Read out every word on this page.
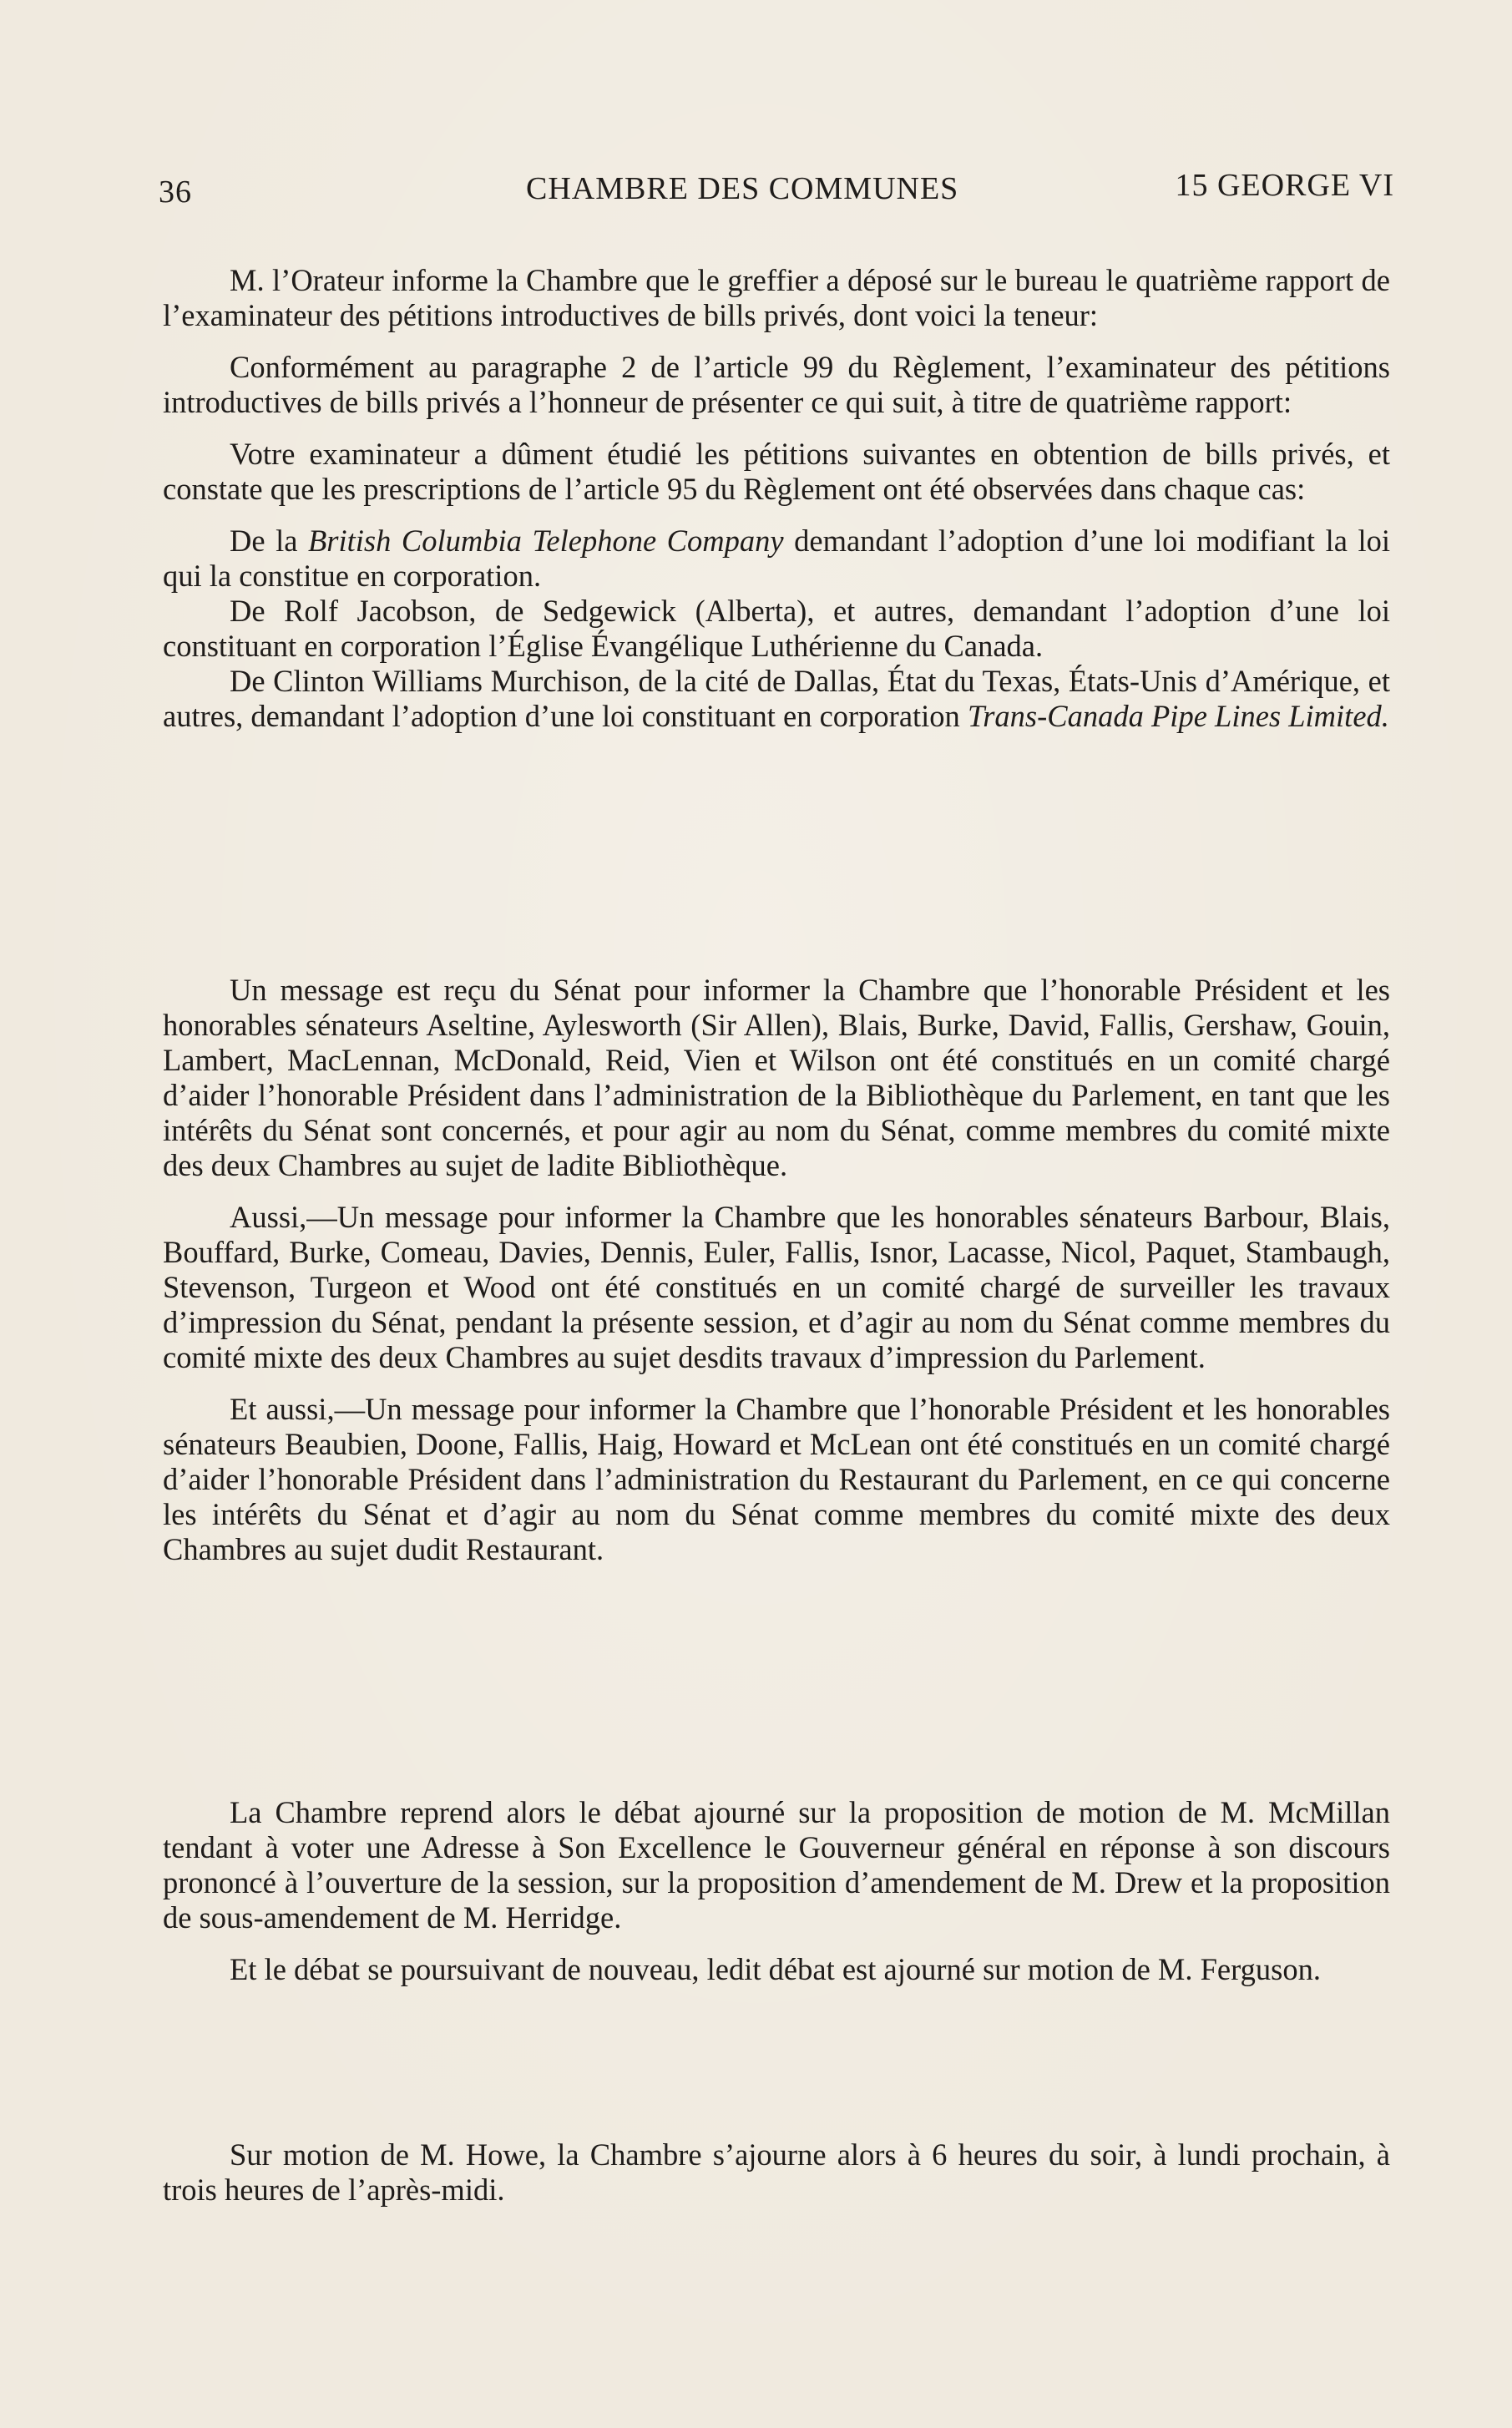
36	CHAMBRE DES COMMUNES	15 GEORGE VI

M. l’Orateur informe la Chambre que le greffier a déposé sur le bureau le quatrième rapport de l’examinateur des pétitions introductives de bills privés, dont voici la teneur:

Conformément au paragraphe 2 de l’article 99 du Règlement, l’examinateur des pétitions introductives de bills privés a l’honneur de présenter ce qui suit, à titre de quatrième rapport:

Votre examinateur a dûment étudié les pétitions suivantes en obtention de bills privés, et constate que les prescriptions de l’article 95 du Règlement ont été observées dans chaque cas:

De la British Columbia Telephone Company demandant l’adoption d’une loi modifiant la loi qui la constitue en corporation.

De Rolf Jacobson, de Sedgewick (Alberta), et autres, demandant l’adoption d’une loi constituant en corporation l’Église Évangélique Luthérienne du Canada.

De Clinton Williams Murchison, de la cité de Dallas, État du Texas, États-Unis d’Amérique, et autres, demandant l’adoption d’une loi constituant en corporation Trans-Canada Pipe Lines Limited.

Un message est reçu du Sénat pour informer la Chambre que l’honorable Président et les honorables sénateurs Aseltine, Aylesworth (Sir Allen), Blais, Burke, David, Fallis, Gershaw, Gouin, Lambert, MacLennan, McDonald, Reid, Vien et Wilson ont été constitués en un comité chargé d’aider l’honorable Président dans l’administration de la Bibliothèque du Parlement, en tant que les intérêts du Sénat sont concernés, et pour agir au nom du Sénat, comme membres du comité mixte des deux Chambres au sujet de ladite Bibliothèque.

Aussi,—Un message pour informer la Chambre que les honorables sénateurs Barbour, Blais, Bouffard, Burke, Comeau, Davies, Dennis, Euler, Fallis, Isnor, Lacasse, Nicol, Paquet, Stambaugh, Stevenson, Turgeon et Wood ont été constitués en un comité chargé de surveiller les travaux d’impression du Sénat, pendant la présente session, et d’agir au nom du Sénat comme membres du comité mixte des deux Chambres au sujet desdits travaux d’impression du Parlement.

Et aussi,—Un message pour informer la Chambre que l’honorable Président et les honorables sénateurs Beaubien, Doone, Fallis, Haig, Howard et McLean ont été constitués en un comité chargé d’aider l’honorable Président dans l’administration du Restaurant du Parlement, en ce qui concerne les intérêts du Sénat et d’agir au nom du Sénat comme membres du comité mixte des deux Chambres au sujet dudit Restaurant.

La Chambre reprend alors le débat ajourné sur la proposition de motion de M. McMillan tendant à voter une Adresse à Son Excellence le Gouverneur général en réponse à son discours prononcé à l’ouverture de la session, sur la proposition d’amendement de M. Drew et la proposition de sous-amendement de M. Herridge.

Et le débat se poursuivant de nouveau, ledit débat est ajourné sur motion de M. Ferguson.

Sur motion de M. Howe, la Chambre s’ajourne alors à 6 heures du soir, à lundi prochain, à trois heures de l’après-midi.
